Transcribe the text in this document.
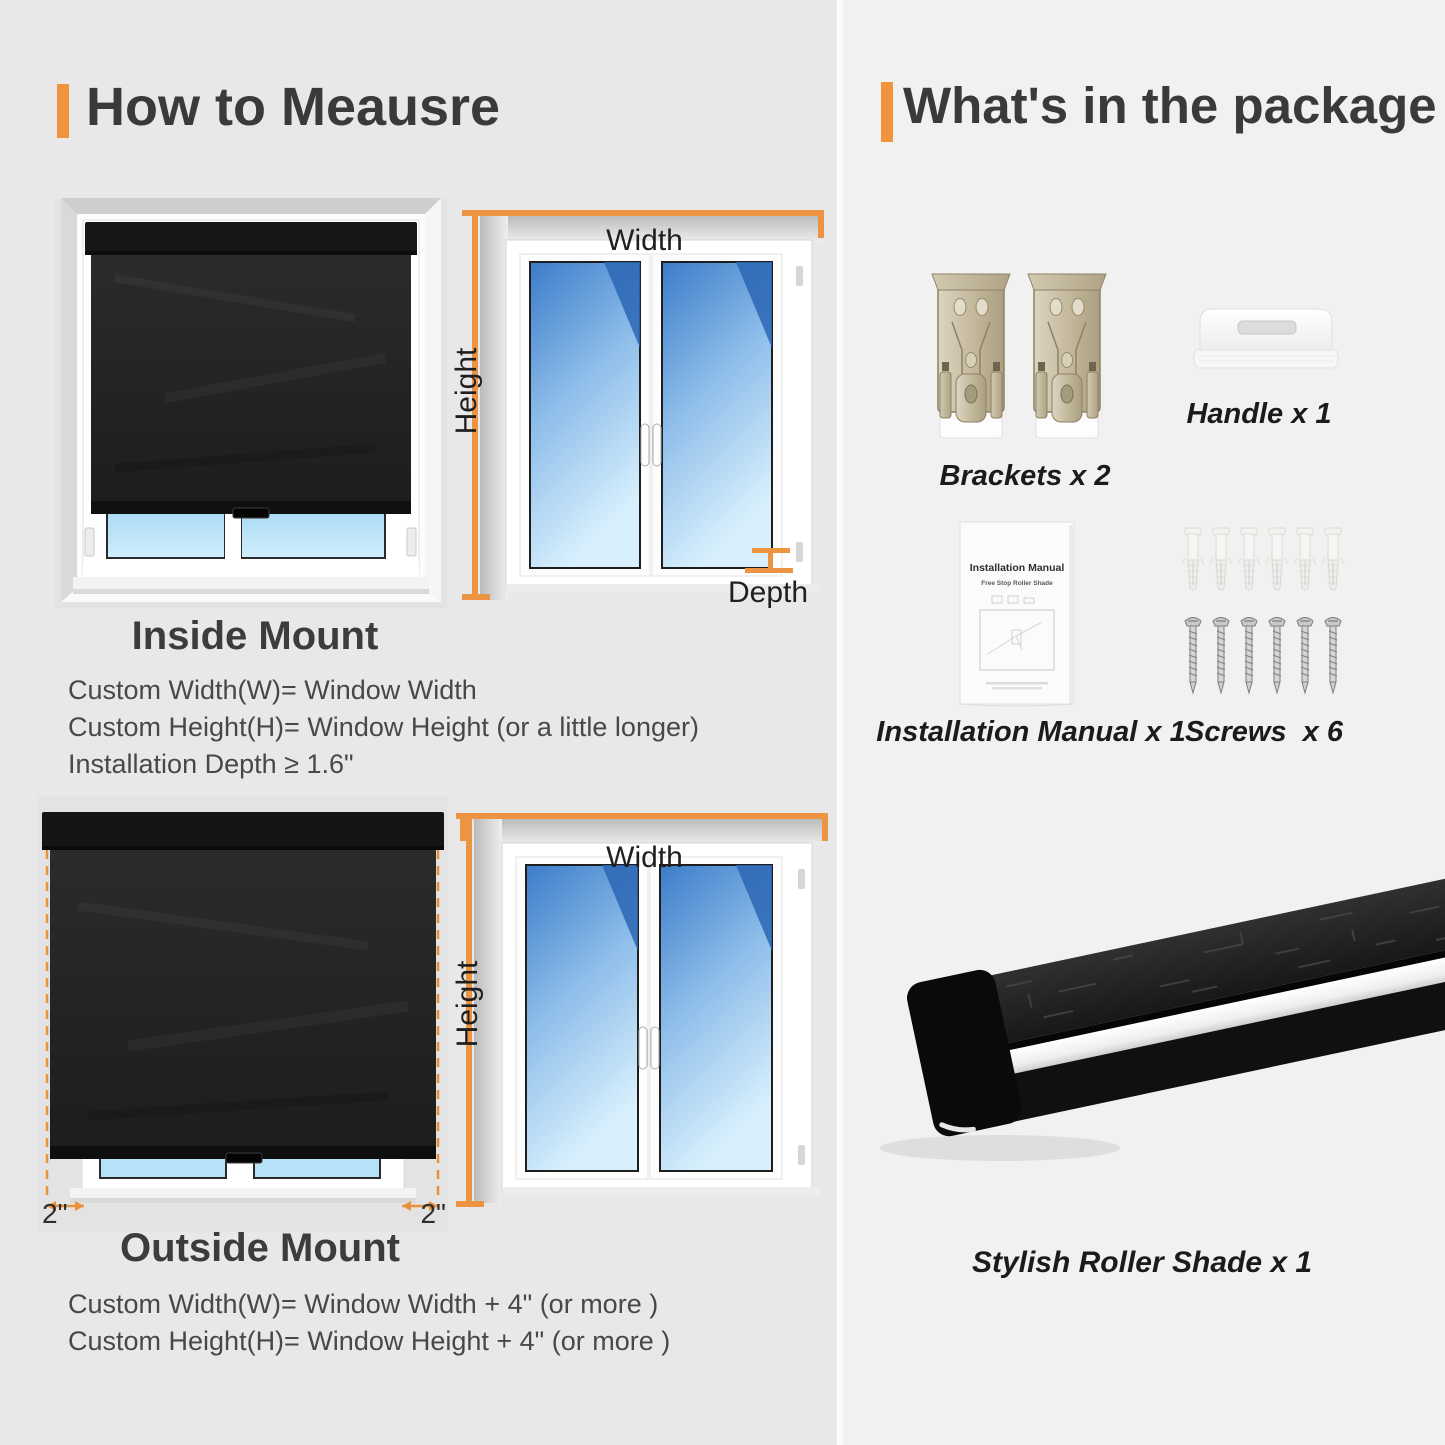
How to Meausre
Width
Height
Depth
Inside Mount
Custom Width(W)= Window Width
Custom Height(H)= Window Height (or a little longer)
Installation Depth ≥ 1.6"
2"	2"
Width
Height
Outside Mount
Custom Width(W)= Window Width + 4" (or more )
Custom Height(H)= Window Height + 4" (or more )
What's in the package
Brackets x 2
Handle x 1
Installation Manual
Free Stop Roller Shade
Installation Manual x 1 Screws  x 6
Stylish Roller Shade x 1
